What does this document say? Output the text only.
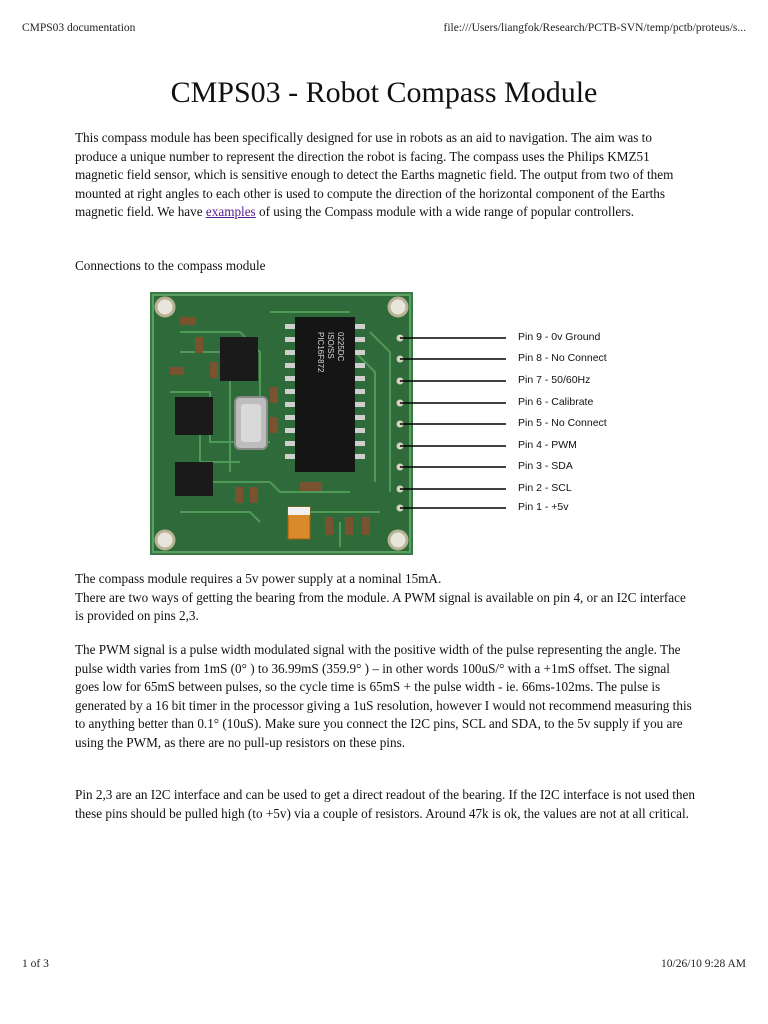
CMPS03 documentation	file:///Users/liangfok/Research/PCTB-SVN/temp/pctb/proteus/s...
CMPS03 - Robot Compass Module

This compass module has been specifically designed for use in robots as an aid to navigation. The aim was to produce a unique number to represent the direction the robot is facing. The compass uses the Philips KMZ51 magnetic field sensor, which is sensitive enough to detect the Earths magnetic field. The output from two of them mounted at right angles to each other is used to compute the direction of the horizontal component of the Earths magnetic field. We have examples of using the Compass module with a wide range of popular controllers.

Connections to the compass module

PIC16F872 ISO/SS 0225DC	Pin 9 - 0v Ground
Pin 8 - No Connect
Pin 7 - 50/60Hz
Pin 6 - Calibrate
Pin 5 - No Connect
Pin 4 - PWM
Pin 3 - SDA
Pin 2 - SCL
Pin 1 - +5v
The compass module requires a 5v power supply at a nominal 15mA.
There are two ways of getting the bearing from the module. A PWM signal is available on pin 4, or an I2C interface is provided on pins 2,3.

The PWM signal is a pulse width modulated signal with the positive width of the pulse representing the angle. The pulse width varies from 1mS (0° ) to 36.99mS (359.9° ) – in other words 100uS/° with a +1mS offset. The signal goes low for 65mS between pulses, so the cycle time is 65mS + the pulse width - ie. 66ms-102ms. The pulse is generated by a 16 bit timer in the processor giving a 1uS resolution, however I would not recommend measuring this to anything better than 0.1° (10uS). Make sure you connect the I2C pins, SCL and SDA, to the 5v supply if you are using the PWM, as there are no pull-up resistors on these pins.

Pin 2,3 are an I2C interface and can be used to get a direct readout of the bearing. If the I2C interface is not used then these pins should be pulled high (to +5v) via a couple of resistors. Around 47k is ok, the values are not at all critical.

1 of 3	10/26/10 9:28 AM
